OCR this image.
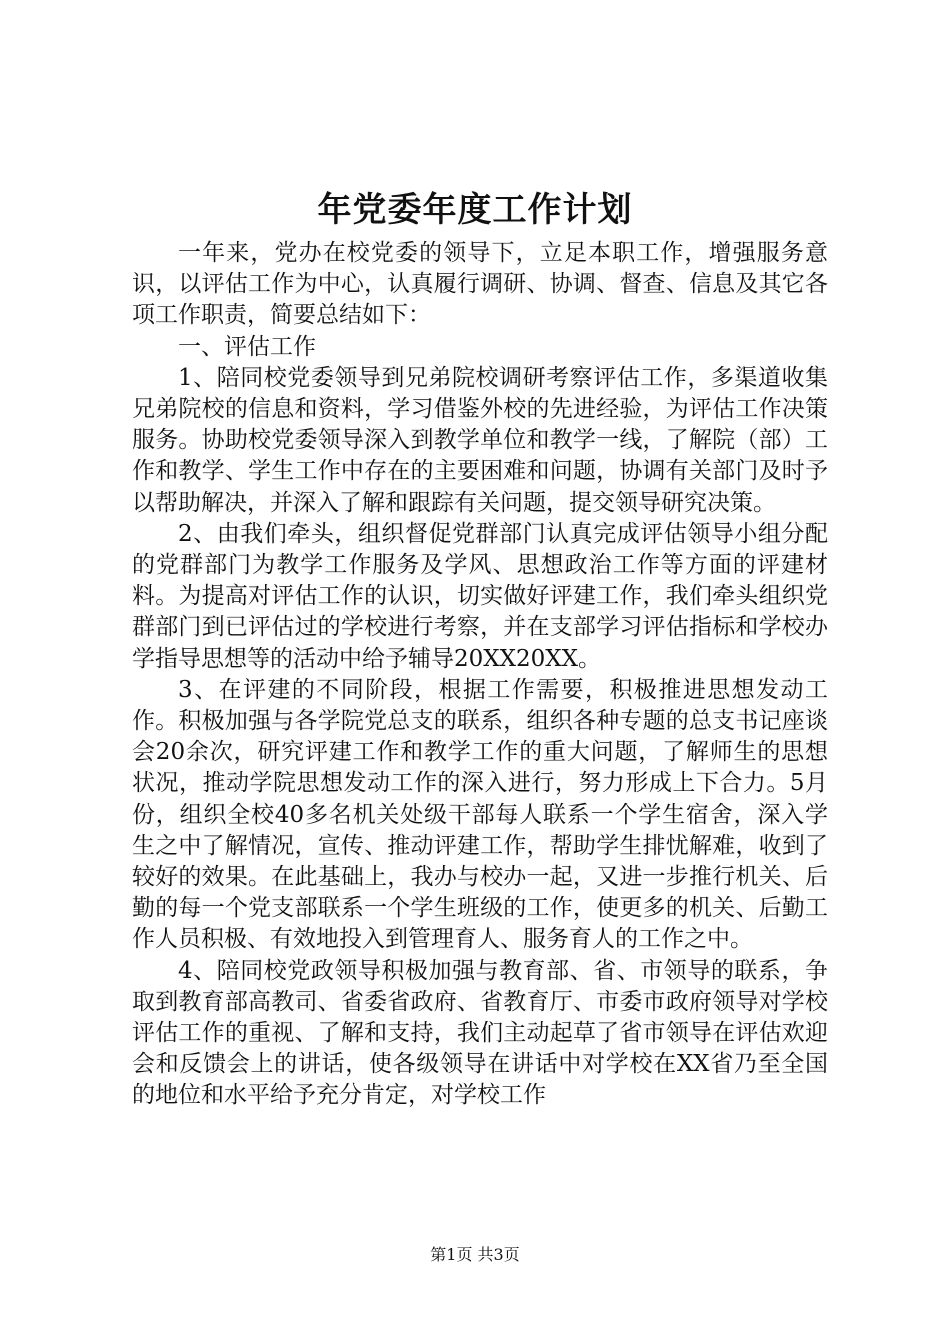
年党委年度工作计划

一年来，党办在校党委的领导下，立足本职工作，增强服务意识，以评估工作为中心，认真履行调研、协调、督查、信息及其它各项工作职责，简要总结如下：

一、评估工作

1、陪同校党委领导到兄弟院校调研考察评估工作，多渠道收集兄弟院校的信息和资料，学习借鉴外校的先进经验，为评估工作决策服务。协助校党委领导深入到教学单位和教学一线，了解院（部）工作和教学、学生工作中存在的主要困难和问题，协调有关部门及时予以帮助解决，并深入了解和跟踪有关问题，提交领导研究决策。

2、由我们牵头，组织督促党群部门认真完成评估领导小组分配的党群部门为教学工作服务及学风、思想政治工作等方面的评建材料。为提高对评估工作的认识，切实做好评建工作，我们牵头组织党群部门到已评估过的学校进行考察，并在支部学习评估指标和学校办学指导思想等的活动中给予辅导20XX20XX。

3、在评建的不同阶段，根据工作需要，积极推进思想发动工作。积极加强与各学院党总支的联系，组织各种专题的总支书记座谈会20余次，研究评建工作和教学工作的重大问题，了解师生的思想状况，推动学院思想发动工作的深入进行，努力形成上下合力。5月份，组织全校40多名机关处级干部每人联系一个学生宿舍，深入学生之中了解情况，宣传、推动评建工作，帮助学生排忧解难，收到了较好的效果。在此基础上，我办与校办一起，又进一步推行机关、后勤的每一个党支部联系一个学生班级的工作，使更多的机关、后勤工作人员积极、有效地投入到管理育人、服务育人的工作之中。

4、陪同校党政领导积极加强与教育部、省、市领导的联系，争取到教育部高教司、省委省政府、省教育厅、市委市政府领导对学校评估工作的重视、了解和支持，我们主动起草了省市领导在评估欢迎会和反馈会上的讲话，使各级领导在讲话中对学校在XX省乃至全国的地位和水平给予充分肯定，对学校工作

第1页 共3页
